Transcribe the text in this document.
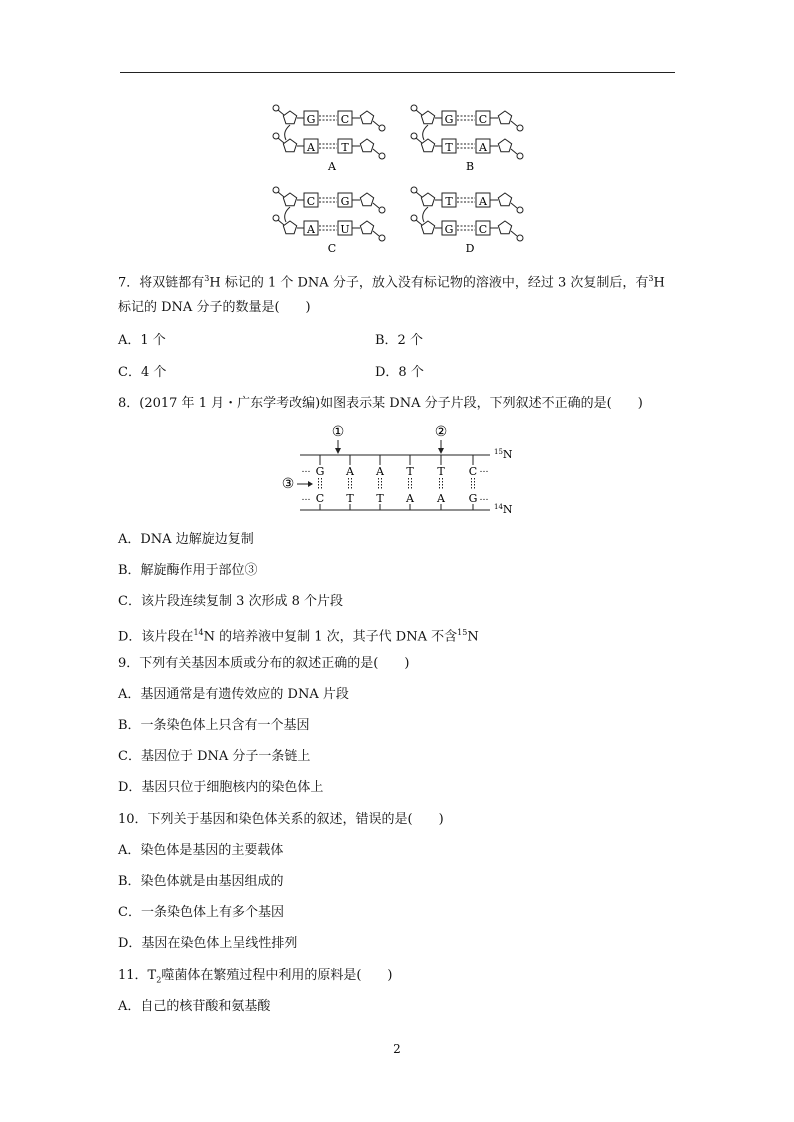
G C
A T
A
G C
T A
B
C G
A U
C
T A
G C
D
7．将双链都有$^3$H 标记的 1 个 DNA 分子，放入没有标记物的溶液中，经过 3 次复制后，有$^3$H
标记的 DNA 分子的数量是(　　)
A．1 个	B．2 个
C．4 个	D．8 个
8．(2017 年 1 月・广东学考改编)如图表示某 DNA 分子片段，下列叙述不正确的是(　　)
G
C
A
T
A
T
T
A
T
A
C
G
…
…
…
…
①	②
③
$^{15}$N
$^{14}$N
A．DNA 边解旋边复制
B．解旋酶作用于部位③
C．该片段连续复制 3 次形成 8 个片段
D．该片段在$^{14}$N 的培养液中复制 1 次，其子代 DNA 不含$^{15}$N
9．下列有关基因本质或分布的叙述正确的是(　　)
A．基因通常是有遗传效应的 DNA 片段
B．一条染色体上只含有一个基因
C．基因位于 DNA 分子一条链上
D．基因只位于细胞核内的染色体上
10．下列关于基因和染色体关系的叙述，错误的是(　　)
A．染色体是基因的主要载体
B．染色体就是由基因组成的
C．一条染色体上有多个基因
D．基因在染色体上呈线性排列
11．$T_2$噬菌体在繁殖过程中利用的原料是(　　)
A．自己的核苷酸和氨基酸
2
